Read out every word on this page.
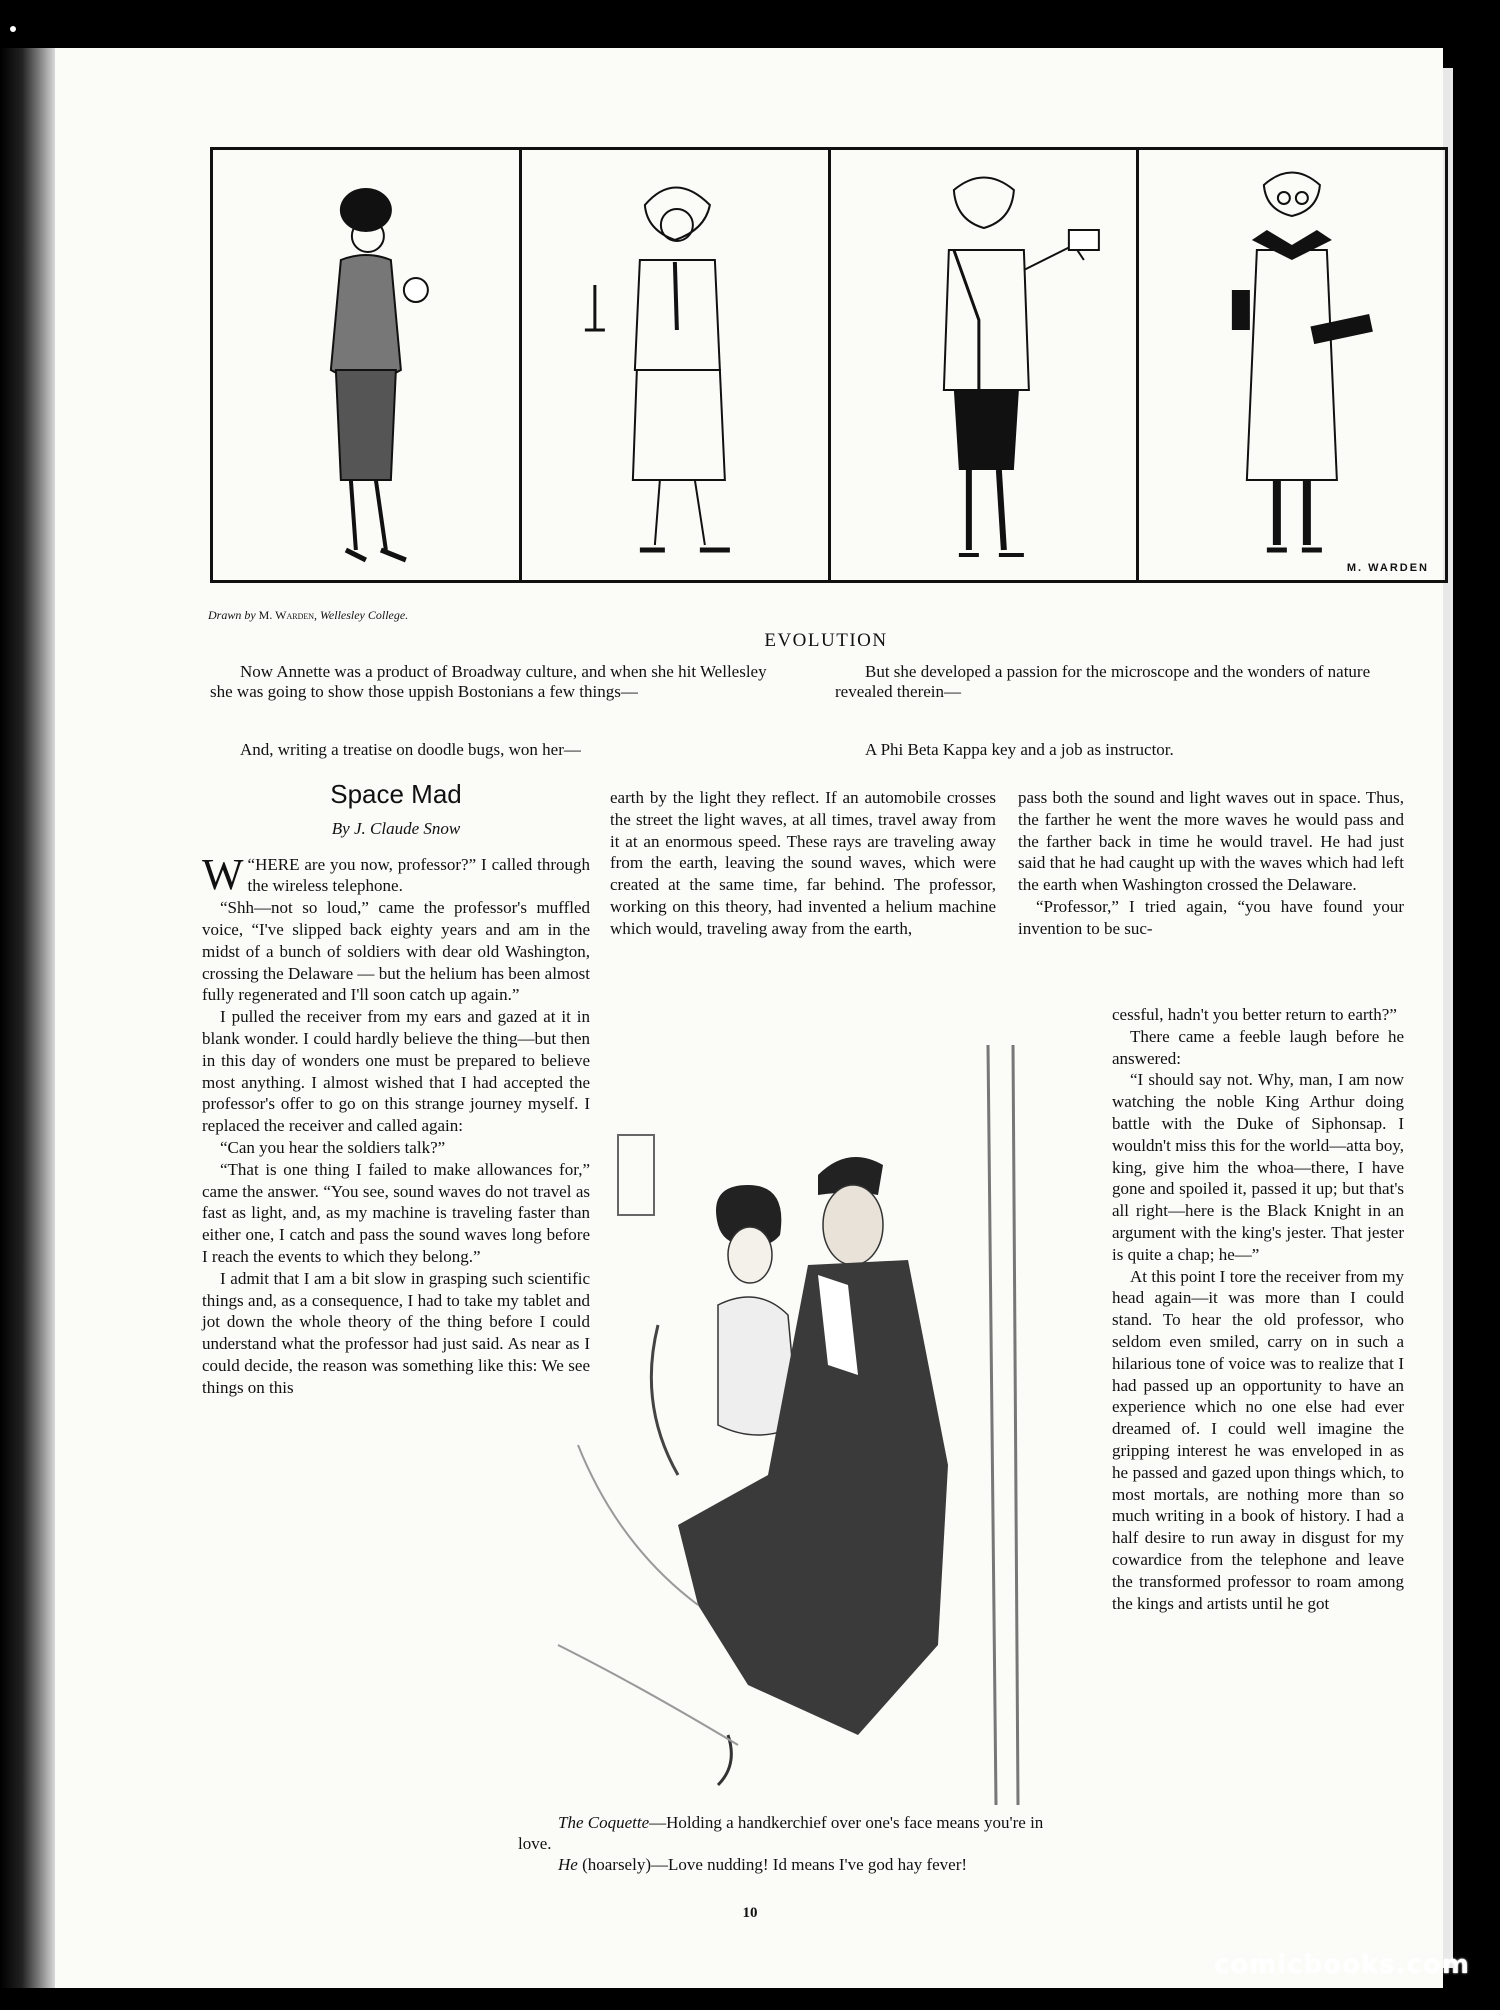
M. WARDEN
Drawn by M. Warden, Wellesley College.
EVOLUTION
Now Annette was a product of Broadway culture, and when she hit Wellesley she was going to show those uppish Bostonians a few things—
But she developed a passion for the microscope and the wonders of nature revealed therein—
And, writing a treatise on doodle bugs, won her—	A Phi Beta Kappa key and a job as instructor.
Space Mad
By J. Claude Snow

“
W HERE are you now, professor?” I called through the wireless telephone.

“Shh—not so loud,” came the professor's muffled voice, “I've slipped back eighty years and am in the midst of a bunch of soldiers with dear old Washington, crossing the Delaware — but the helium has been almost fully regenerated and I'll soon catch up again.”

I pulled the receiver from my ears and gazed at it in blank wonder. I could hardly believe the thing—but then in this day of wonders one must be prepared to believe most anything. I almost wished that I had accepted the professor's offer to go on this strange journey myself. I replaced the receiver and called again:

“Can you hear the soldiers talk?”

“That is one thing I failed to make allowances for,” came the answer. “You see, sound waves do not travel as fast as light, and, as my machine is traveling faster than either one, I catch and pass the sound waves long before I reach the events to which they belong.”

I admit that I am a bit slow in grasping such scientific things and, as a consequence, I had to take my tablet and jot down the whole theory of the thing before I could understand what the professor had just said. As near as I could decide, the reason was something like this: We see things on this

earth by the light they reflect. If an automobile crosses the street the light waves, at all times, travel away from it at an enormous speed. These rays are traveling away from the earth, leaving the sound waves, which were created at the same time, far behind. The professor, working on this theory, had invented a helium machine which would, traveling away from the earth,

pass both the sound and light waves out in space. Thus, the farther he went the more waves he would pass and the farther back in time he would travel. He had just said that he had caught up with the waves which had left the earth when Washington crossed the Delaware.

“Professor,” I tried again, “you have found your invention to be suc-

cessful, hadn't you better return to earth?”

There came a feeble laugh before he answered:

“I should say not. Why, man, I am now watching the noble King Arthur doing battle with the Duke of Siphonsap. I wouldn't miss this for the world—atta boy, king, give him the whoa—there, I have gone and spoiled it, passed it up; but that's all right—here is the Black Knight in an argument with the king's jester. That jester is quite a chap; he—”

At this point I tore the receiver from my head again—it was more than I could stand. To hear the old professor, who seldom even smiled, carry on in such a hilarious tone of voice was to realize that I had passed up an opportunity to have an experience which no one else had ever dreamed of. I could well imagine the gripping interest he was enveloped in as he passed and gazed upon things which, to most mortals, are nothing more than so much writing in a book of history. I had a half desire to run away in disgust for my cowardice from the telephone and leave the transformed professor to roam among the kings and artists until he got

The Coquette—Holding a handkerchief over one's face means you're in love.
He (hoarsely)—Love nudding! Id means I've god hay fever!
10
comicbooks.com
